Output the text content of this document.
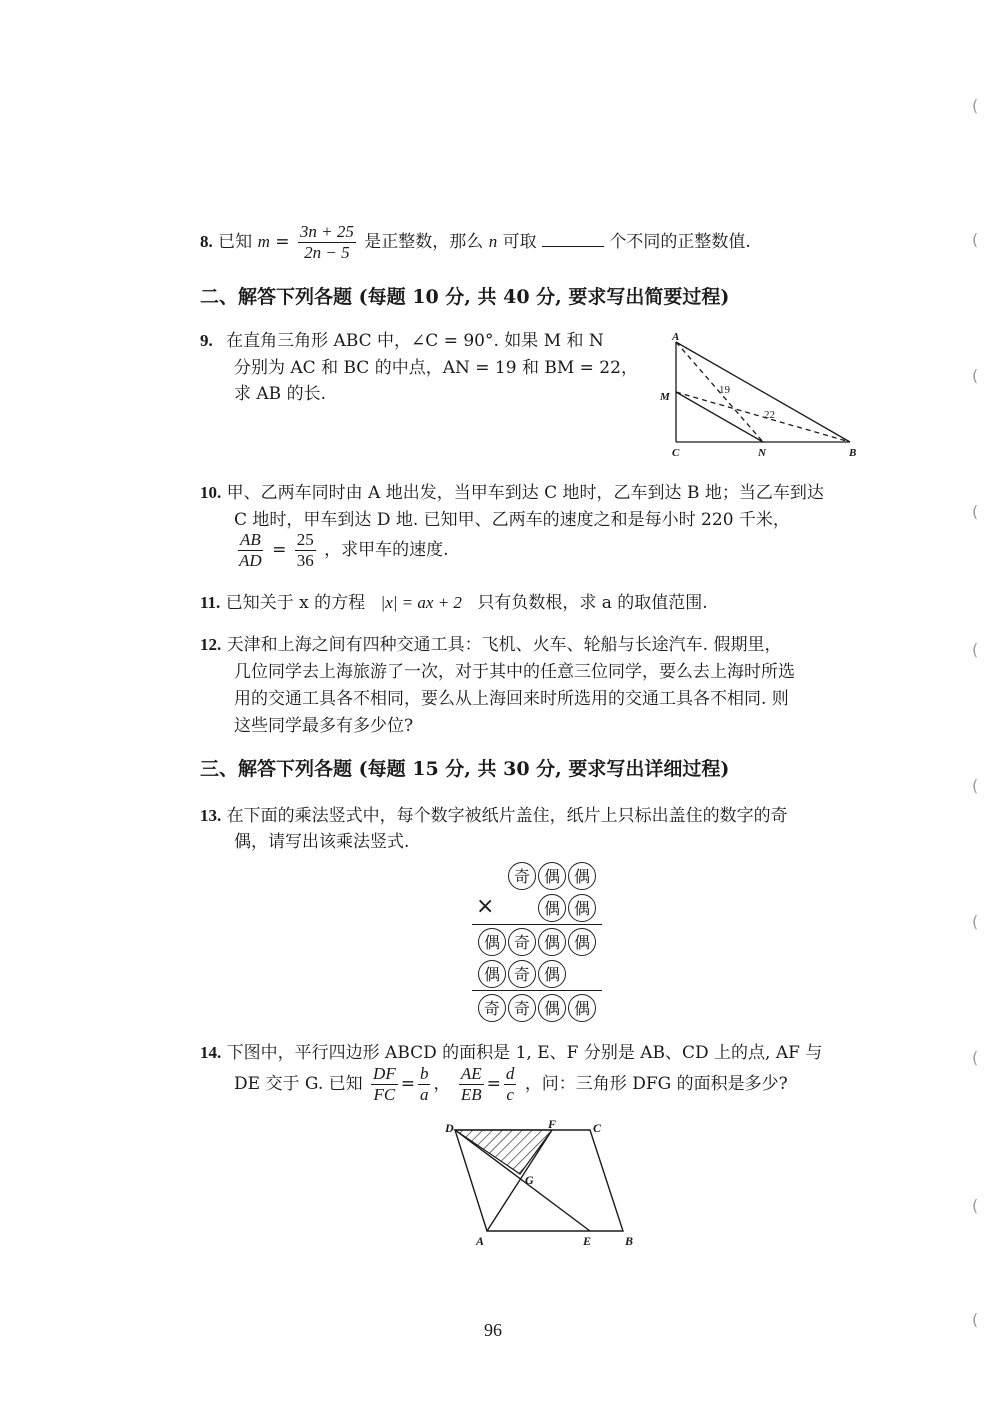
8. 已知 $m = \frac{3n + 25}{2n - 5}$ 是正整数，那么 n 可取	个不同的正整数值.
二、解答下列各题 (每题 10 分, 共 40 分, 要求写出简要过程)
9. 在直角三角形 ABC 中，∠C = 90°. 如果 M 和 N
分别为 AC 和 BC 的中点，AN = 19 和 BM = 22，
求 AB 的长.
A
M
C	N	B
19
22
10. 甲、乙两车同时由 A 地出发，当甲车到达 C 地时，乙车到达 B 地；当乙车到达
C 地时，甲车到达 D 地. 已知甲、乙两车的速度之和是每小时 220 千米，
$\frac{AB}{AD} = \frac{25}{36}$ ，求甲车的速度.
11. 已知关于 x 的方程 |x| = ax + 2 只有负数根，求 a 的取值范围.
12. 天津和上海之间有四种交通工具：飞机、火车、轮船与长途汽车. 假期里，
几位同学去上海旅游了一次，对于其中的任意三位同学，要么去上海时所选
用的交通工具各不相同，要么从上海回来时所选用的交通工具各不相同. 则
这些同学最多有多少位?
三、解答下列各题 (每题 15 分, 共 30 分, 要求写出详细过程)
13. 在下面的乘法竖式中，每个数字被纸片盖住，纸片上只标出盖住的数字的奇
偶，请写出该乘法竖式.
奇 偶 偶
×	偶 偶
偶 奇 偶 偶
偶 奇 偶
奇 奇 偶 偶
14. 下图中，平行四边形 ABCD 的面积是 1, E、F 分别是 AB、CD 上的点, AF 与
DE 交于 G. 已知 $\frac{DF}{FC} = \frac{b}{a}$ ， $\frac{AE}{EB} = \frac{d}{c}$ ，问：三角形 DFG 的面积是多少?
D	F	C
G
A	E	B
96
(
(
(
(
(
(
(
(
(
(
